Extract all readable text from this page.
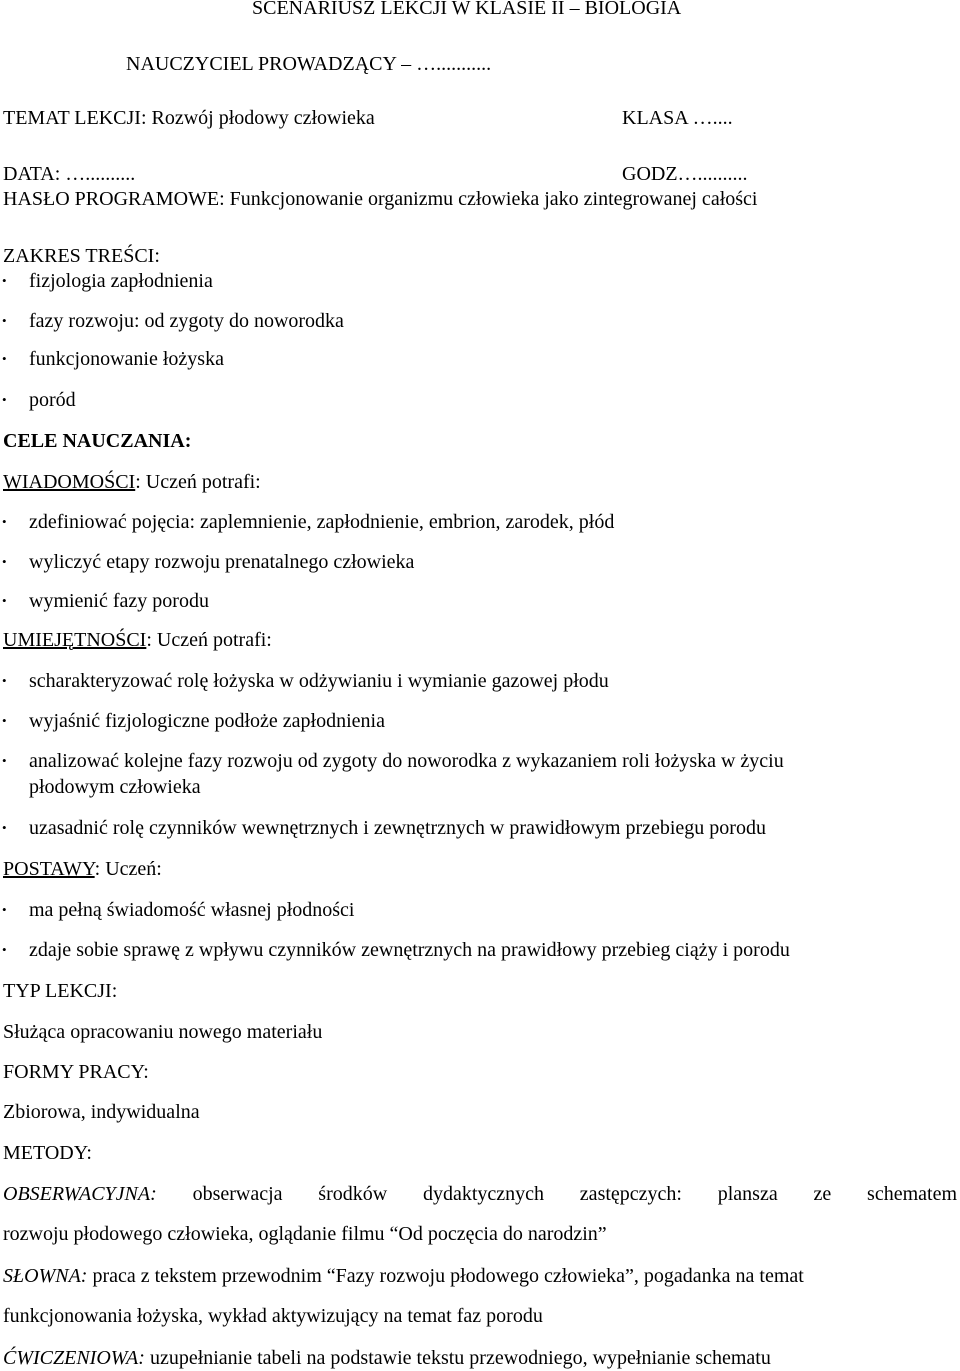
SCENARIUSZ LEKCJI W KLASIE II – BIOLOGIA
NAUCZYCIEL PROWADZĄCY – …...........
TEMAT LEKCJI: Rozwój płodowy człowieka	KLASA …....
DATA: …..........	GODZ…..........
HASŁO PROGRAMOWE: Funkcjonowanie organizmu człowieka jako zintegrowanej całości
ZAKRES TREŚCI:
• fizjologia zapłodnienia
• fazy rozwoju: od zygoty do noworodka
• funkcjonowanie łożyska
• poród
CELE NAUCZANIA:
WIADOMOŚCI: Uczeń potrafi:
• zdefiniować pojęcia: zaplemnienie, zapłodnienie, embrion, zarodek, płód
• wyliczyć etapy rozwoju prenatalnego człowieka
• wymienić fazy porodu
UMIEJĘTNOŚCI: Uczeń potrafi:
• scharakteryzować rolę łożyska w odżywianiu i wymianie gazowej płodu
• wyjaśnić fizjologiczne podłoże zapłodnienia
• analizować kolejne fazy rozwoju od zygoty do noworodka z wykazaniem roli łożyska w życiu
płodowym człowieka
• uzasadnić rolę czynników wewnętrznych i zewnętrznych w prawidłowym przebiegu porodu
POSTAWY: Uczeń:
• ma pełną świadomość własnej płodności
• zdaje sobie sprawę z wpływu czynników zewnętrznych na prawidłowy przebieg ciąży i porodu
TYP LEKCJI:
Służąca opracowaniu nowego materiału
FORMY PRACY:
Zbiorowa, indywidualna
METODY:
OBSERWACYJNA: obserwacja środków dydaktycznych zastępczych: plansza ze schematem
rozwoju płodowego człowieka, oglądanie filmu “Od poczęcia do narodzin”
SŁOWNA: praca z tekstem przewodnim “Fazy rozwoju płodowego człowieka”, pogadanka na temat
funkcjonowania łożyska, wykład aktywizujący na temat faz porodu
ĆWICZENIOWA: uzupełnianie tabeli na podstawie tekstu przewodniego, wypełnianie schematu
